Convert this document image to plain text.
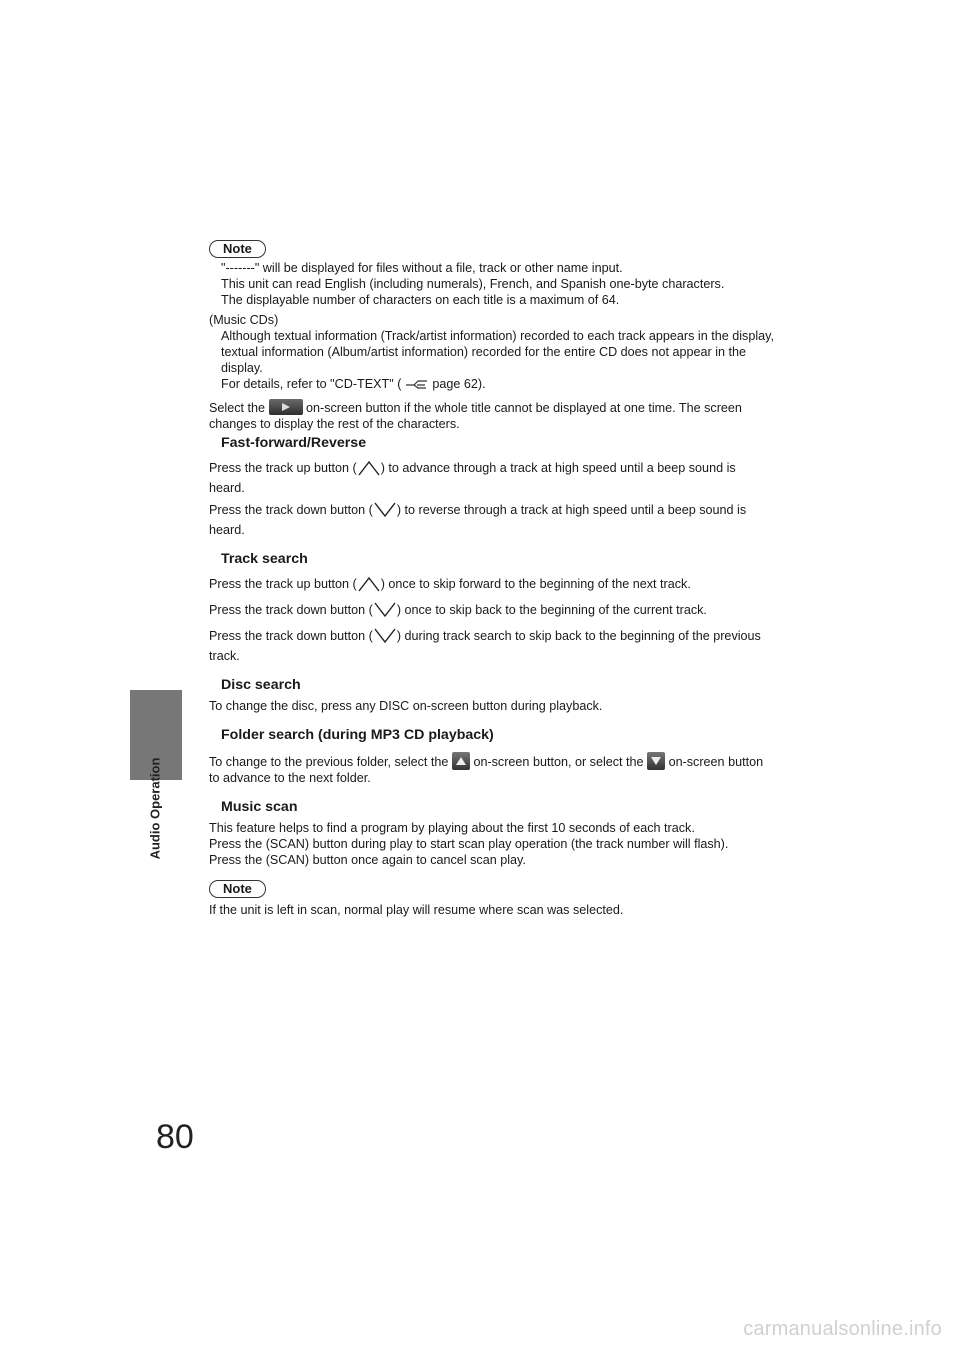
Audio Operation
80
carmanualsonline.info
Note

"-------" will be displayed for files without a file, track or other name input.

This unit can read English (including numerals), French, and Spanish one-byte characters.

The displayable number of characters on each title is a maximum of 64.

(Music CDs)

Although textual information (Track/artist information) recorded to each track appears in the display, textual information (Album/artist information) recorded for the entire CD does not appear in the display.

For details, refer to "CD-TEXT" ( page 62).

Select the	on-screen button if the whole title cannot be displayed at one time. The screen changes to display the rest of the characters.

Fast-forward/Reverse

Press the track up button ( ) to advance through a track at high speed until a beep sound is heard.

Press the track down button ( ) to reverse through a track at high speed until a beep sound is heard.

Track search

Press the track up button ( ) once to skip forward to the beginning of the next track.

Press the track down button ( ) once to skip back to the beginning of the current track.

Press the track down button ( ) during track search to skip back to the beginning of the previous track.

Disc search

To change the disc, press any DISC on-screen button during playback.

Folder search (during MP3 CD playback)

To change to the previous folder, select the on-screen button, or select the on-screen button to advance to the next folder.

Music scan

This feature helps to find a program by playing about the first 10 seconds of each track.

Press the (SCAN) button during play to start scan play operation (the track number will flash).

Press the (SCAN) button once again to cancel scan play.

Note

If the unit is left in scan, normal play will resume where scan was selected.
